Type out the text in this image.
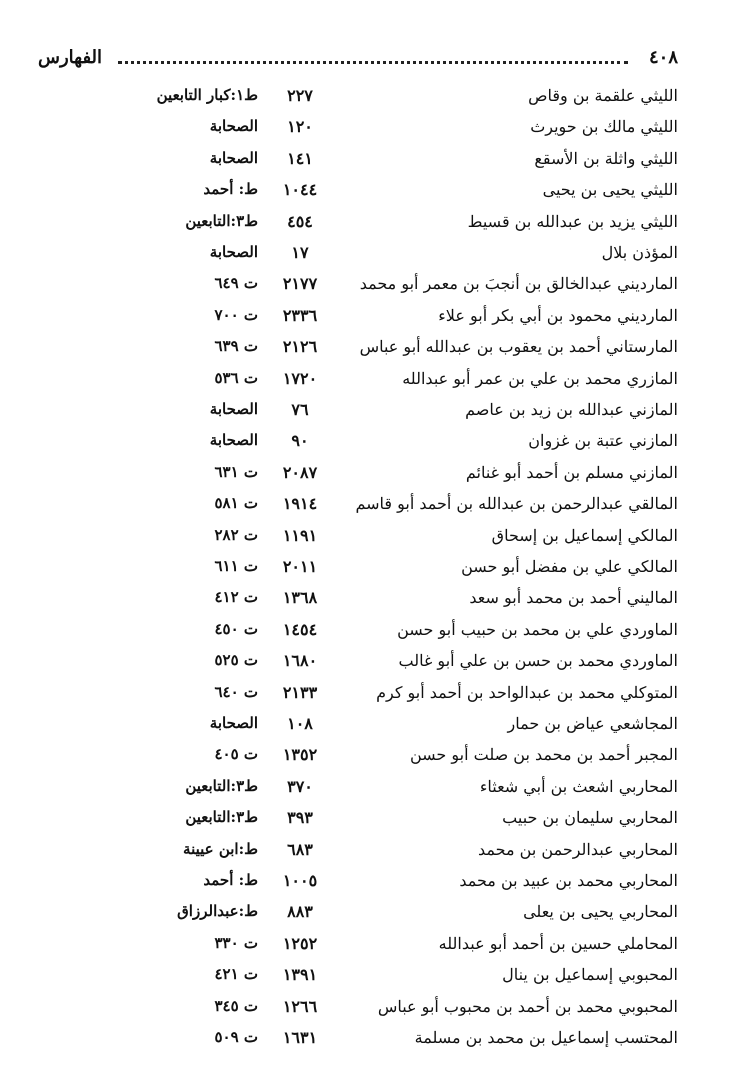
٤٠٨
الفهارس
الليثي علقمة بن وقاص
٢٢٧
ط١:كبار التابعين
الليثي مالك بن حويرث
١٢٠
الصحابة
الليثي واثلة بن الأسقع
١٤١
الصحابة
الليثي يحيى بن يحيى
١٠٤٤
ط: أحمد
الليثي يزيد بن عبدالله بن قسيط
٤٥٤
ط٣:التابعين
المؤذن بلال
١٧
الصحابة
الماردیني عبدالخالق بن أنجبَ بن معمر أبو محمد
٢١٧٧
ت ٦٤٩
الماردیني محمود بن أبي بكر أبو علاء
٢٣٣٦
ت ٧٠٠
المارستاني أحمد بن يعقوب بن عبدالله أبو عباس
٢١٢٦
ت ٦٣٩
المازري محمد بن علي بن عمر أبو عبدالله
١٧٢٠
ت ٥٣٦
المازني عبدالله بن زيد بن عاصم
٧٦
الصحابة
المازني عتبة بن غزوان
٩٠
الصحابة
المازني مسلم بن أحمد أبو غنائم
٢٠٨٧
ت ٦٣١
المالقي عبدالرحمن بن عبدالله بن أحمد أبو قاسم
١٩١٤
ت ٥٨١
المالكي إسماعيل بن إسحاق
١١٩١
ت ٢٨٢
المالكي علي بن مفضل أبو حسن
٢٠١١
ت ٦١١
الماليني أحمد بن محمد أبو سعد
١٣٦٨
ت ٤١٢
الماوردي علي بن محمد بن حبيب أبو حسن
١٤٥٤
ت ٤٥٠
الماوردي محمد بن حسن بن علي أبو غالب
١٦٨٠
ت ٥٢٥
المتوكلي محمد بن عبدالواحد بن أحمد أبو كرم
٢١٣٣
ت ٦٤٠
المجاشعي عياض بن حمار
١٠٨
الصحابة
المجبر أحمد بن محمد بن صلت أبو حسن
١٣٥٢
ت ٤٠٥
المحاربي اشعث بن أبي شعثاء
٣٧٠
ط٣:التابعين
المحاربي سليمان بن حبيب
٣٩٣
ط٣:التابعين
المحاربي عبدالرحمن بن محمد
٦٨٣
ط:ابن عيينة
المحاربي محمد بن عبيد بن محمد
١٠٠٥
ط: أحمد
المحاربي يحيى بن يعلى
٨٨٣
ط:عبدالرزاق
المحاملي حسين بن أحمد أبو عبدالله
١٢٥٢
ت ٣٣٠
المحبوبي إسماعيل بن ينال
١٣٩١
ت ٤٢١
المحبوبي محمد بن أحمد بن محبوب أبو عباس
١٢٦٦
ت ٣٤٥
المحتسب إسماعيل بن محمد بن مسلمة
١٦٣١
ت ٥٠٩
